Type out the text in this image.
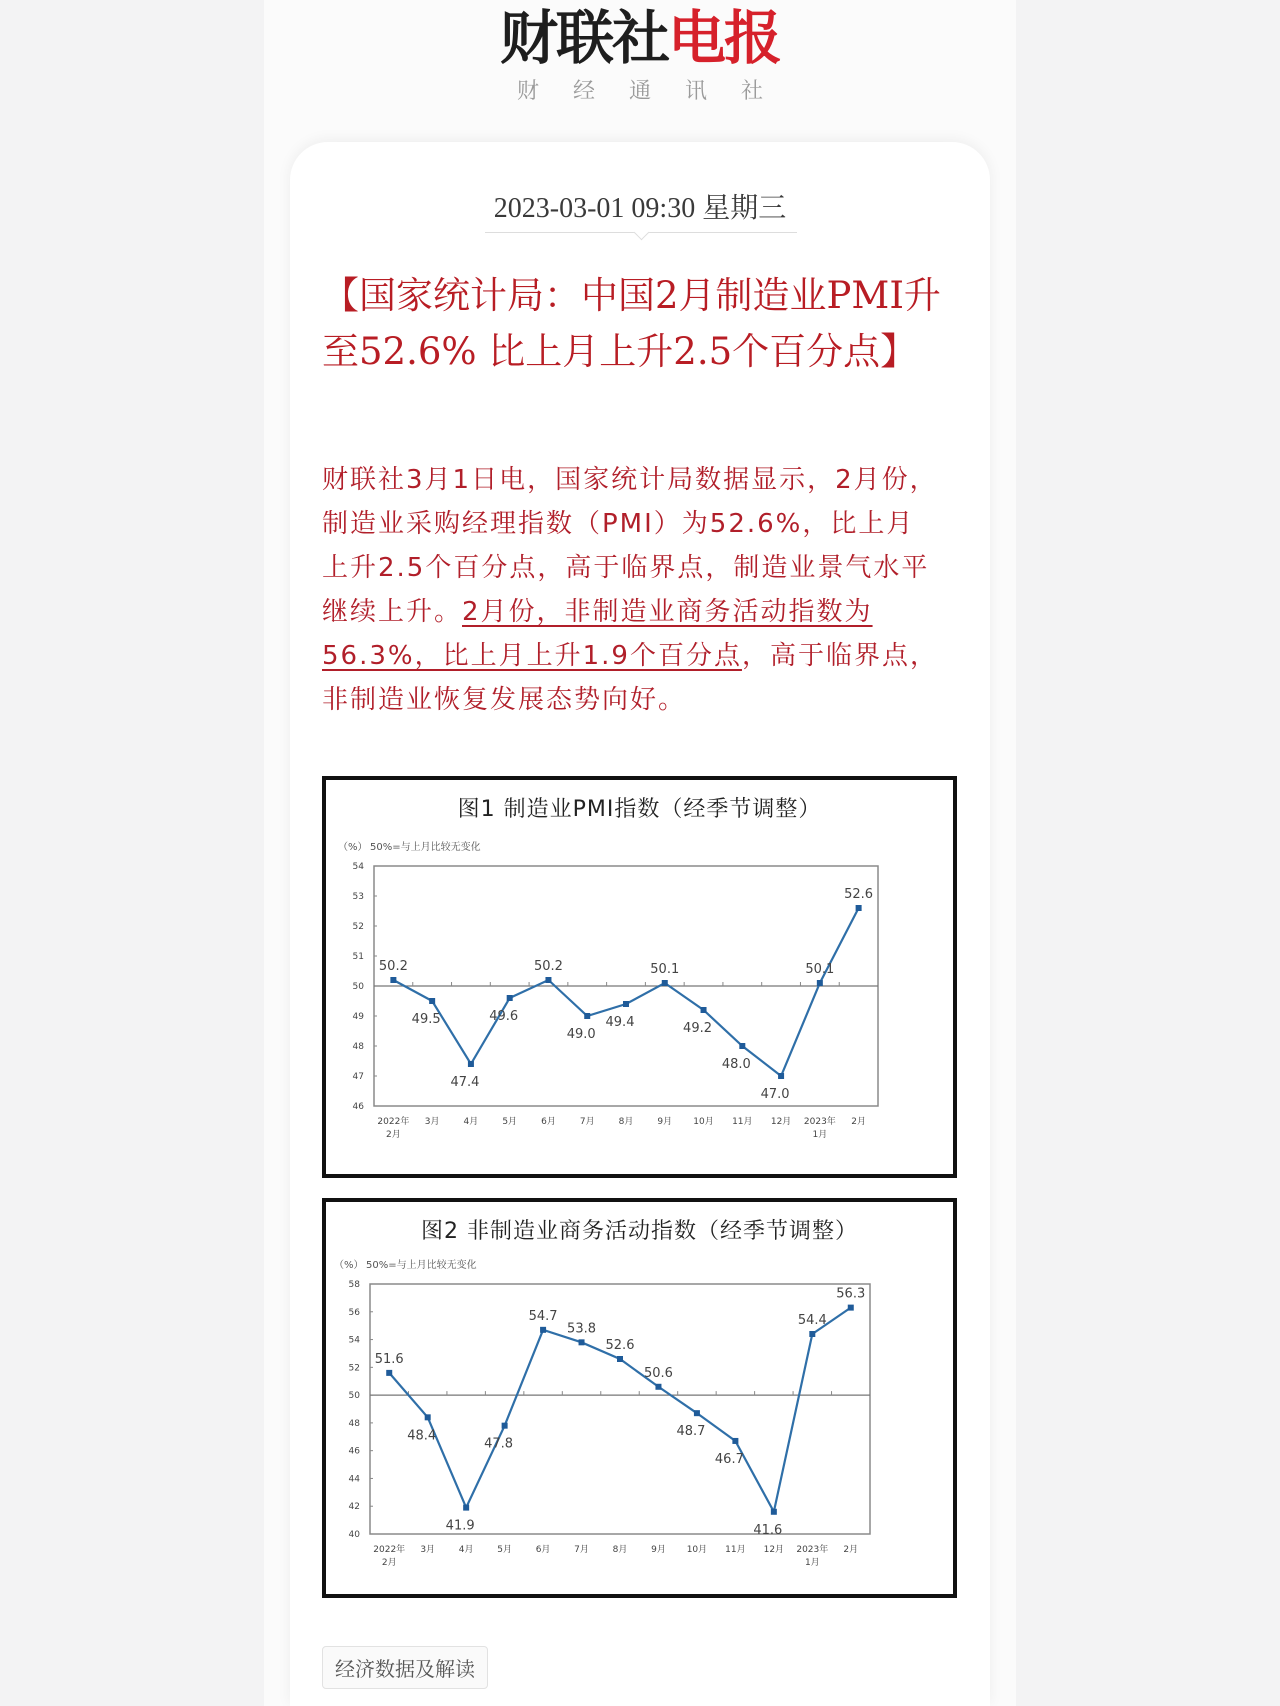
财联社电报
财经通讯社
2023-03-01 09:30 星期三
【国家统计局：中国2月制造业PMI升至52.6% 比上月上升2.5个百分点】
财联社3月1日电，国家统计局数据显示，2月份，制造业采购经理指数（PMI）为52.6%，比上月上升2.5个百分点，高于临界点，制造业景气水平继续上升。2月份，非制造业商务活动指数为56.3%，比上月上升1.9个百分点，高于临界点，非制造业恢复发展态势向好。
图1 制造业PMI指数（经季节调整）
（%） 50%=与上月比较无变化
46
47
48
49
50
51
52
53
54
2022年
2月
3月	4月	5月	6月	7月	8月	9月 10月 11月 12月 2023年
1月
2月
50.2
49.5
47.4
49.6
50.2
49.0
49.4
50.1
49.2
48.0
47.0
50.1
52.6
图2 非制造业商务活动指数（经季节调整）
（%） 50%=与上月比较无变化
40
42
44
46
48
50
52
54
56
58
2022年
2月
3月	4月	5月	6月	7月	8月	9月 10月 11月 12月 2023年
1月
2月
51.6
48.4
41.9
47.8
54.7
53.8
52.6
50.6
48.7
46.7
41.6
54.4
56.3
经济数据及解读
